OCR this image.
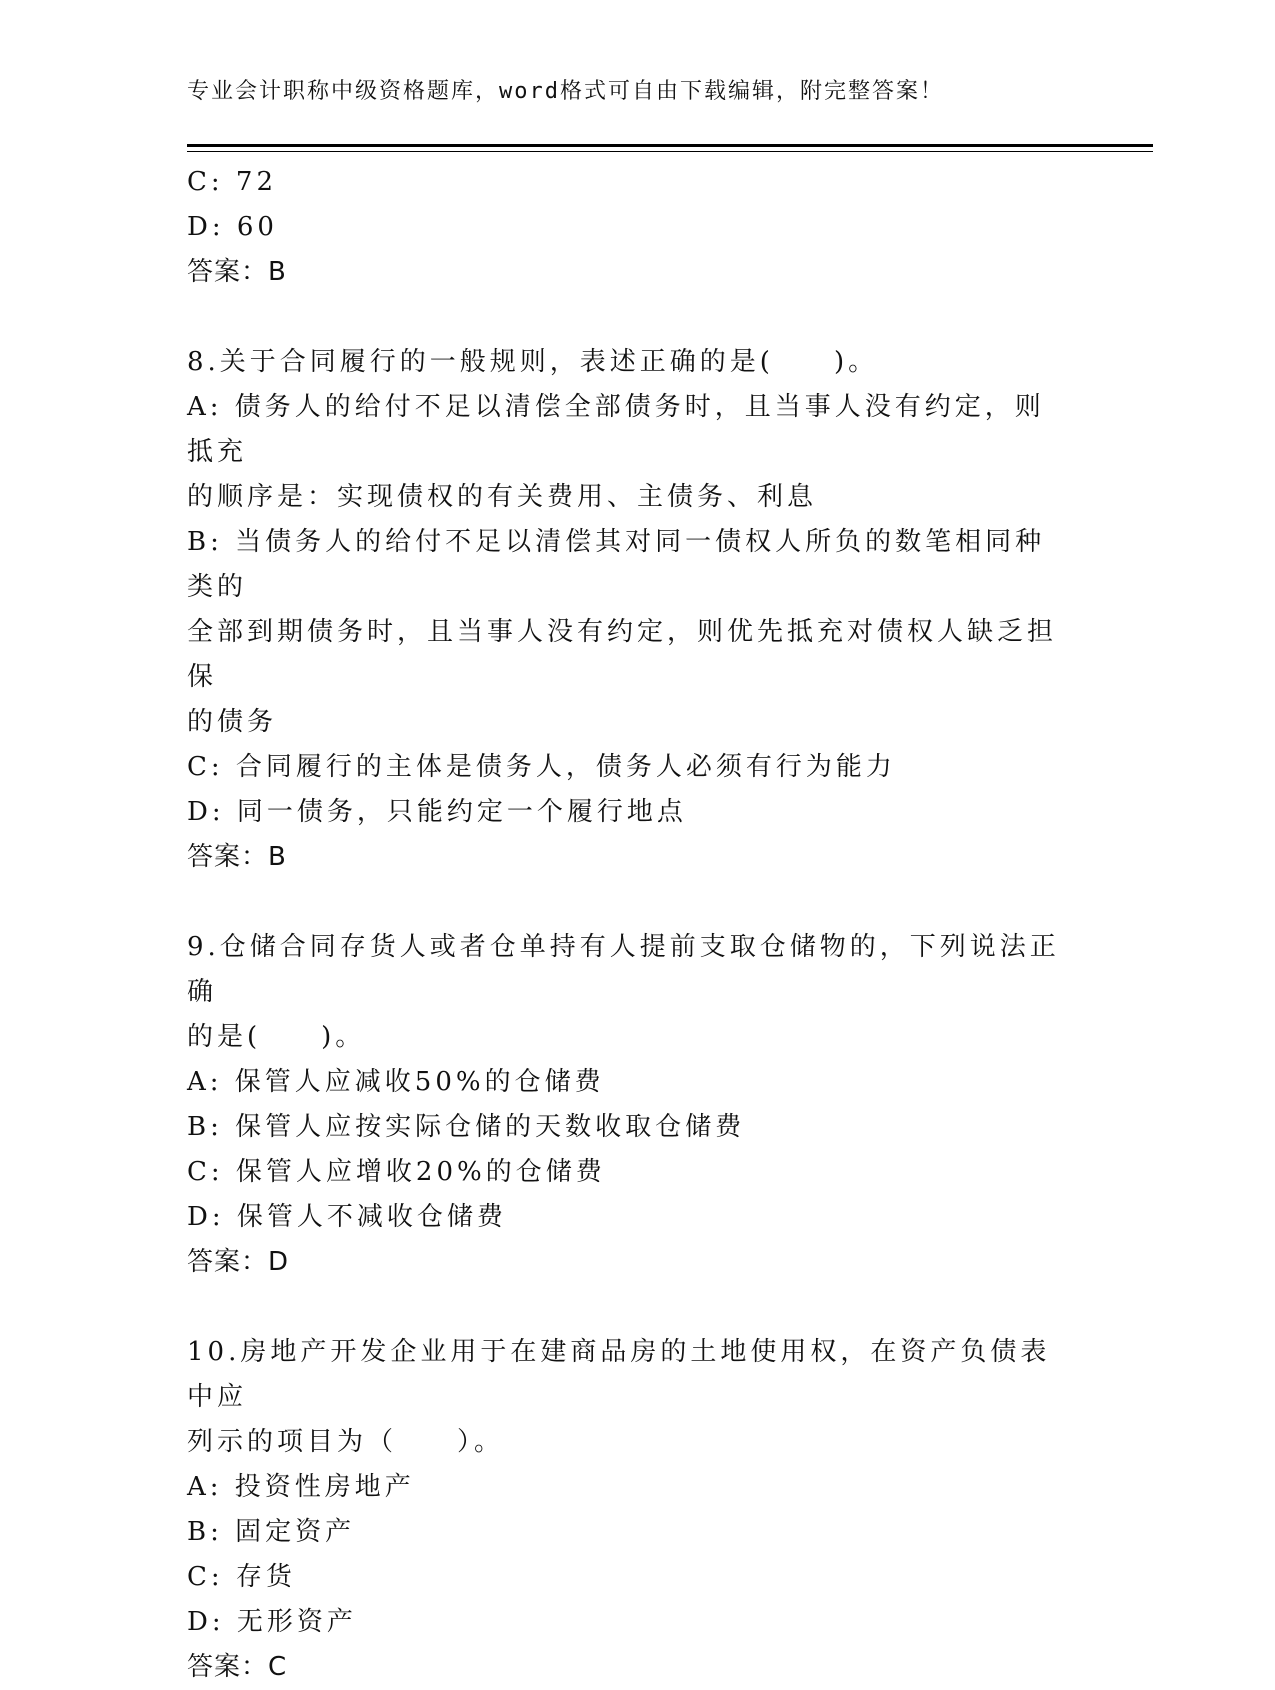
专业会计职称中级资格题库，word格式可自由下载编辑，附完整答案！
C: 72
D: 60
答案：B
8.关于合同履行的一般规则，表述正确的是(　　)。
A: 债务人的给付不足以清偿全部债务时，且当事人没有约定，则抵充
的顺序是：实现债权的有关费用、主债务、利息
B: 当债务人的给付不足以清偿其对同一债权人所负的数笔相同种类的
全部到期债务时，且当事人没有约定，则优先抵充对债权人缺乏担保
的债务
C: 合同履行的主体是债务人，债务人必须有行为能力
D: 同一债务，只能约定一个履行地点
答案：B
9.仓储合同存货人或者仓单持有人提前支取仓储物的，下列说法正确
的是(　　)。
A: 保管人应减收50%的仓储费
B: 保管人应按实际仓储的天数收取仓储费
C: 保管人应增收20%的仓储费
D: 保管人不减收仓储费
答案：D
10.房地产开发企业用于在建商品房的土地使用权，在资产负债表中应
列示的项目为（　　）。
A: 投资性房地产
B: 固定资产
C: 存货
D: 无形资产
答案：C
